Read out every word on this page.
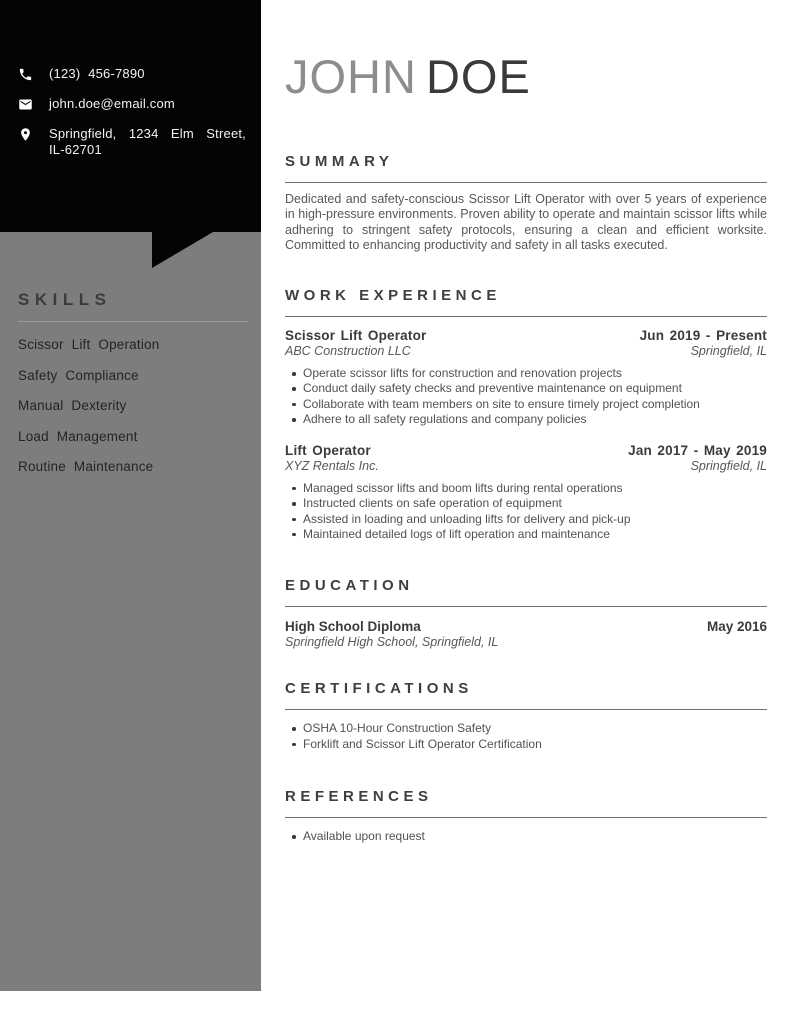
(123) 456-7890
john.doe@email.com
Springfield, 1234 Elm Street,
IL-62701
SKILLS
Scissor Lift Operation
Safety Compliance
Manual Dexterity
Load Management
Routine Maintenance
JOHN DOE
SUMMARY

Dedicated and safety-conscious Scissor Lift Operator with over 5 years of experience in high-pressure environments. Proven ability to operate and maintain scissor lifts while adhering to stringent safety protocols, ensuring a clean and efficient worksite. Committed to enhancing productivity and safety in all tasks executed.

WORK EXPERIENCE
Scissor Lift Operator	Jun 2019 - Present
ABC Construction LLC	Springfield, IL
Operate scissor lifts for construction and renovation projects
Conduct daily safety checks and preventive maintenance on equipment
Collaborate with team members on site to ensure timely project completion
Adhere to all safety regulations and company policies
Lift Operator	Jan 2017 - May 2019
XYZ Rentals Inc.	Springfield, IL
Managed scissor lifts and boom lifts during rental operations
Instructed clients on safe operation of equipment
Assisted in loading and unloading lifts for delivery and pick-up
Maintained detailed logs of lift operation and maintenance
EDUCATION
High School Diploma	May 2016
Springfield High School, Springfield, IL
CERTIFICATIONS
OSHA 10-Hour Construction Safety
Forklift and Scissor Lift Operator Certification
REFERENCES
Available upon request
